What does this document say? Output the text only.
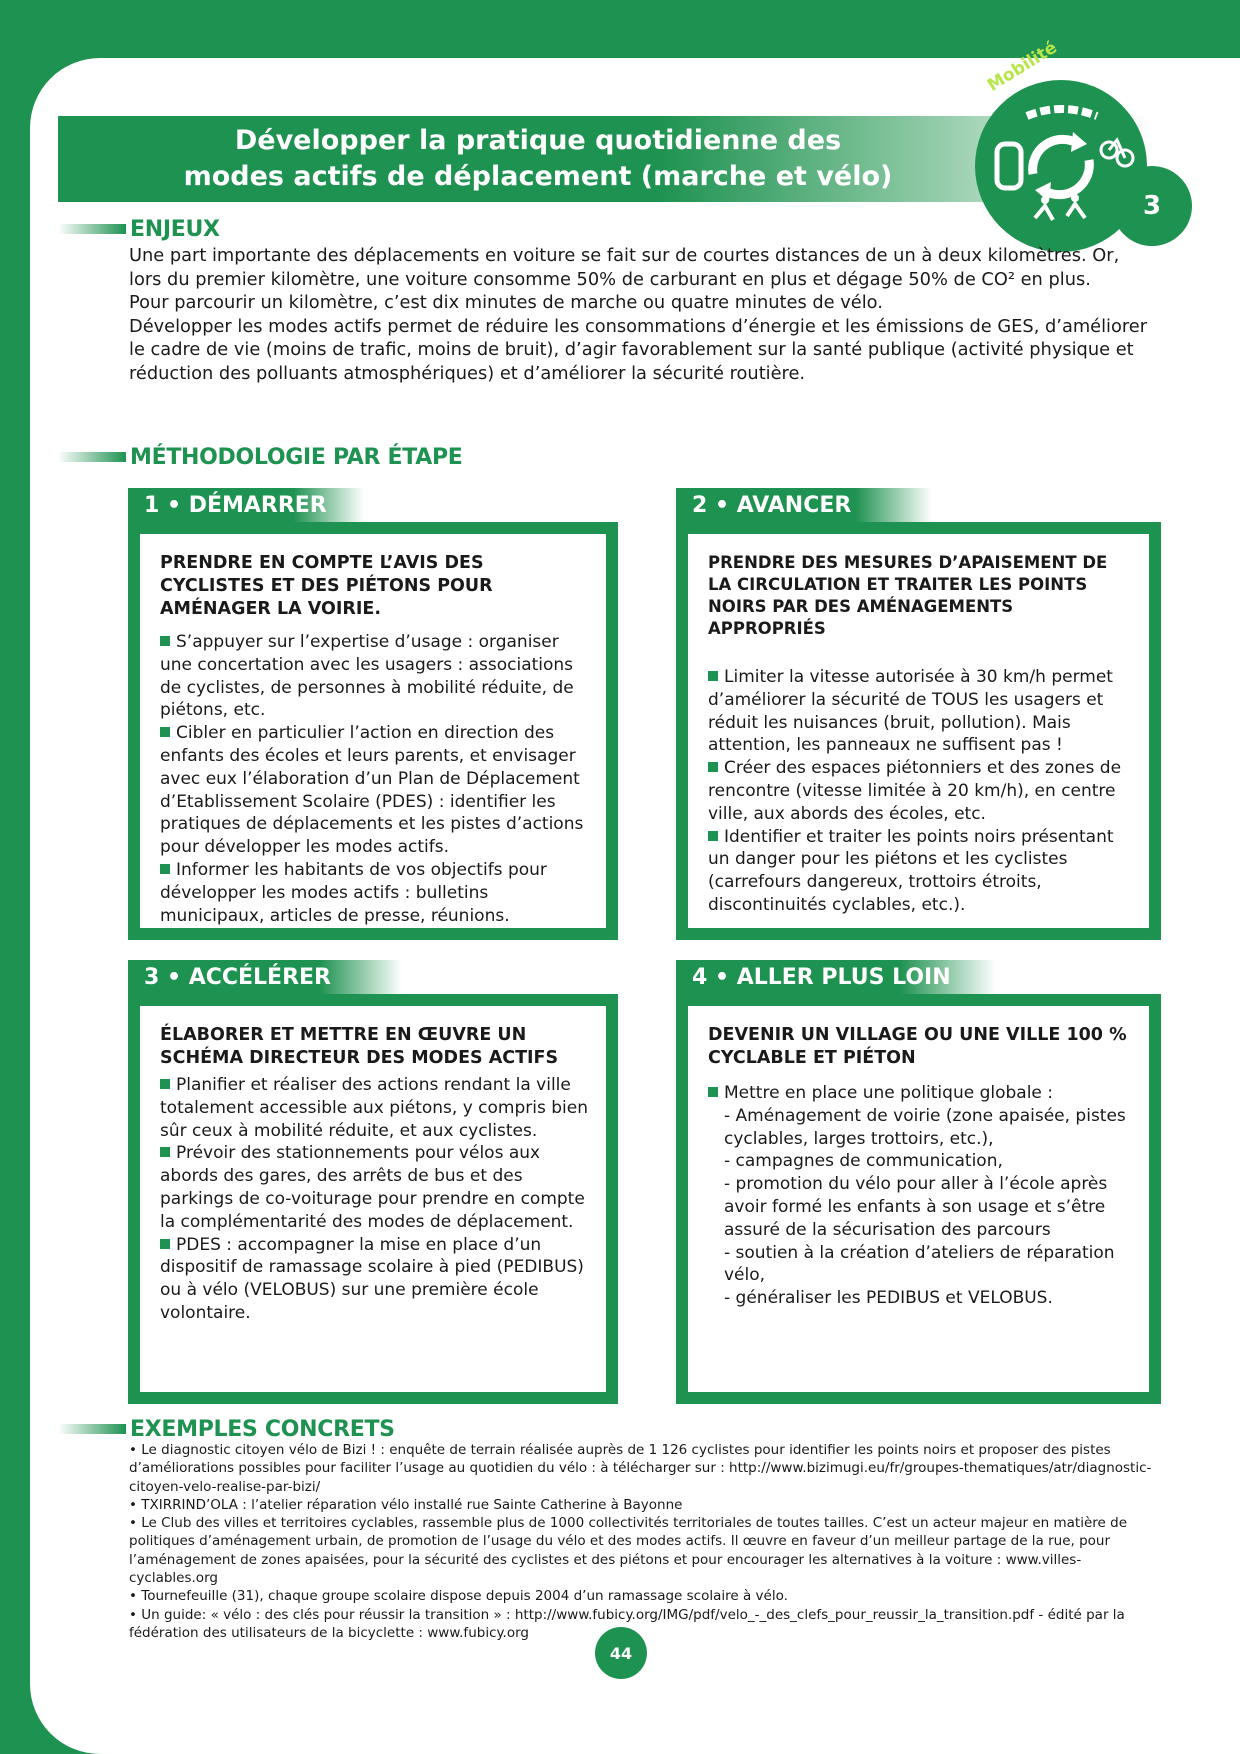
Développer la pratique quotidienne des
modes actifs de déplacement (marche et vélo)
Mobilité
3
ENJEUX

Une part importante des déplacements en voiture se fait sur de courtes distances de un à deux kilomètres. Or, lors du premier kilomètre, une voiture consomme 50% de carburant en plus et dégage 50% de CO² en plus.

Pour parcourir un kilomètre, c’est dix minutes de marche ou quatre minutes de vélo.

Développer les modes actifs permet de réduire les consommations d’énergie et les émissions de GES, d’améliorer le cadre de vie (moins de trafic, moins de bruit), d’agir favorablement sur la santé publique (activité physique et réduction des polluants atmosphériques) et d’améliorer la sécurité routière.

MÉTHODOLOGIE PAR ÉTAPE
1 • DÉMARRER
PRENDRE EN COMPTE L’AVIS DES CYCLISTES ET DES PIÉTONS POUR AMÉNAGER LA VOIRIE.

S’appuyer sur l’expertise d’usage : organiser une concertation avec les usagers : associations de cyclistes, de personnes à mobilité réduite, de piétons, etc.

Cibler en particulier l’action en direction des enfants des écoles et leurs parents, et envisager avec eux l’élaboration d’un Plan de Déplacement d’Etablissement Scolaire (PDES) : identifier les pratiques de déplacements et les pistes d’actions pour développer les modes actifs.

Informer les habitants de vos objectifs pour développer les modes actifs : bulletins municipaux, articles de presse, réunions.

2 • AVANCER
PRENDRE DES MESURES D’APAISEMENT DE LA CIRCULATION ET TRAITER LES POINTS NOIRS PAR DES AMÉNAGEMENTS APPROPRIÉS

Limiter la vitesse autorisée à 30 km/h permet d’améliorer la sécurité de TOUS les usagers et réduit les nuisances (bruit, pollution). Mais attention, les panneaux ne suffisent pas !

Créer des espaces piétonniers et des zones de rencontre (vitesse limitée à 20 km/h), en centre ville, aux abords des écoles, etc.

Identifier et traiter les points noirs présentant un danger pour les piétons et les cyclistes (carrefours dangereux, trottoirs étroits, discontinuités cyclables, etc.).

3 • ACCÉLÉRER
ÉLABORER ET METTRE EN ŒUVRE UN SCHÉMA DIRECTEUR DES MODES ACTIFS

Planifier et réaliser des actions rendant la ville totalement accessible aux piétons, y compris bien sûr ceux à mobilité réduite, et aux cyclistes.

Prévoir des stationnements pour vélos aux abords des gares, des arrêts de bus et des parkings de co-voiturage pour prendre en compte la complémentarité des modes de déplacement.

PDES : accompagner la mise en place d’un dispositif de ramassage scolaire à pied (PEDIBUS) ou à vélo (VELOBUS) sur une première école volontaire.

4 • ALLER PLUS LOIN
DEVENIR UN VILLAGE OU UNE VILLE 100 % CYCLABLE ET PIÉTON

Mettre en place une politique globale :

- Aménagement de voirie (zone apaisée, pistes cyclables, larges trottoirs, etc.),

- campagnes de communication,

- promotion du vélo pour aller à l’école après avoir formé les enfants à son usage et s’être assuré de la sécurisation des parcours

- soutien à la création d’ateliers de réparation vélo,

- généraliser les PEDIBUS et VELOBUS.

EXEMPLES CONCRETS

• Le diagnostic citoyen vélo de Bizi ! : enquête de terrain réalisée auprès de 1 126 cyclistes pour identifier les points noirs et proposer des pistes d’améliorations possibles pour faciliter l’usage au quotidien du vélo : à télécharger sur : http://www.bizimugi.eu/fr/groupes-thematiques/atr/diagnostic-citoyen-velo-realise-par-bizi/

• TXIRRIND’OLA : l’atelier réparation vélo installé rue Sainte Catherine à Bayonne

• Le Club des villes et territoires cyclables, rassemble plus de 1000 collectivités territoriales de toutes tailles. C’est un acteur majeur en matière de politiques d’aménagement urbain, de promotion de l’usage du vélo et des modes actifs. Il œuvre en faveur d’un meilleur partage de la rue, pour l’aménagement de zones apaisées, pour la sécurité des cyclistes et des piétons et pour encourager les alternatives à la voiture : www.villes-cyclables.org

• Tournefeuille (31), chaque groupe scolaire dispose depuis 2004 d’un ramassage scolaire à vélo.

• Un guide: « vélo : des clés pour réussir la transition » : http://www.fubicy.org/IMG/pdf/velo_-_des_clefs_pour_reussir_la_transition.pdf - édité par la fédération des utilisateurs de la bicyclette : www.fubicy.org

44
